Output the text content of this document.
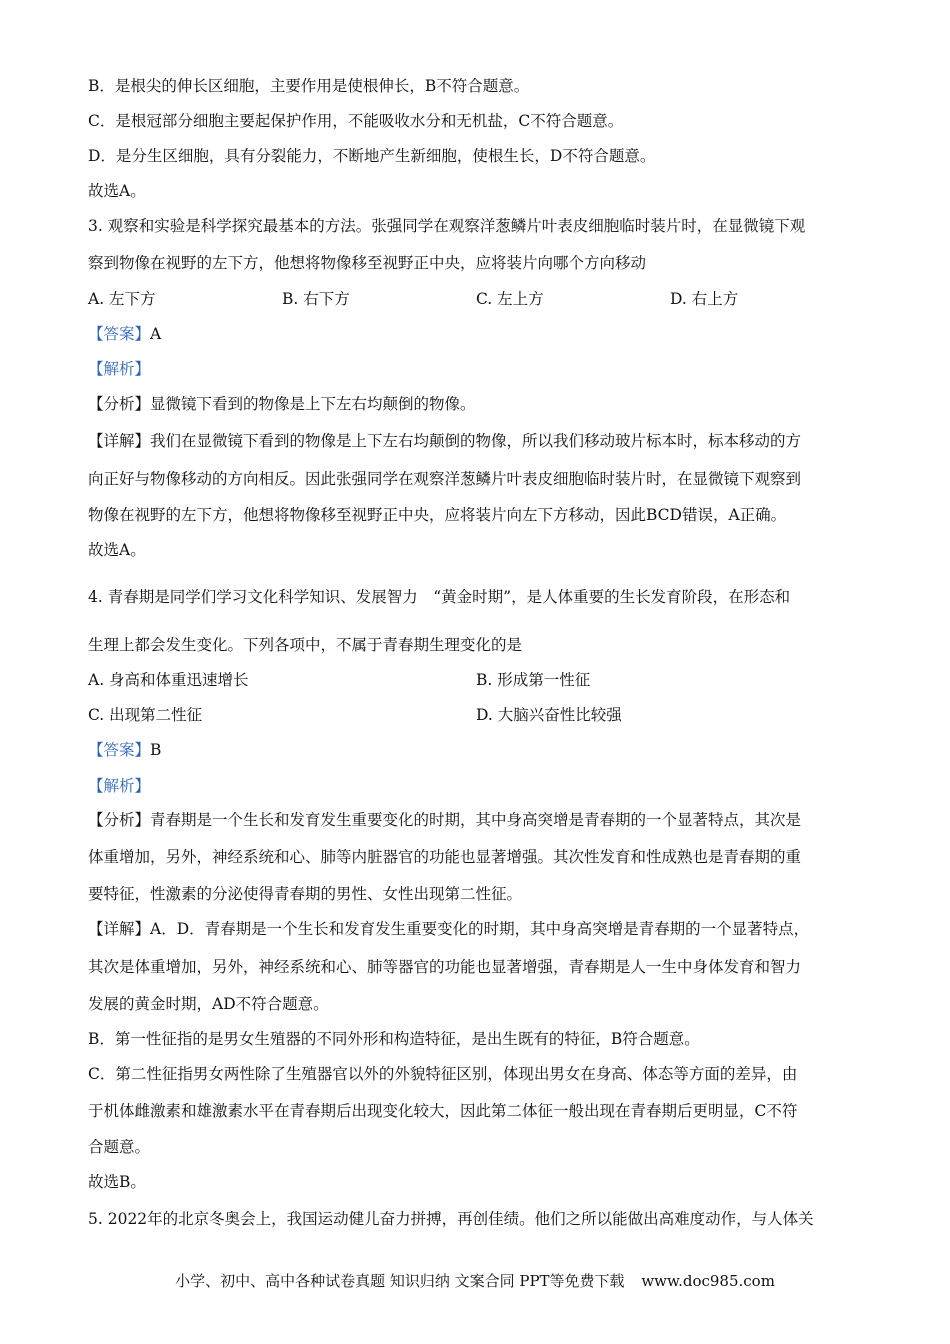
B．是根尖的伸长区细胞，主要作用是使根伸长，B不符合题意。
C．是根冠部分细胞主要起保护作用，不能吸收水分和无机盐，C不符合题意。
D．是分生区细胞，具有分裂能力，不断地产生新细胞，使根生长，D不符合题意。
故选A。
3. 观察和实验是科学探究最基本的方法。张强同学在观察洋葱鳞片叶表皮细胞临时装片时，在显微镜下观
察到物像在视野的左下方，他想将物像移至视野正中央，应将装片向哪个方向移动
A. 左下方	B. 右下方	C. 左上方	D. 右上方
【答案】A
【解析】
【分析】显微镜下看到的物像是上下左右均颠倒的物像。
【详解】我们在显微镜下看到的物像是上下左右均颠倒的物像，所以我们移动玻片标本时，标本移动的方
向正好与物像移动的方向相反。因此张强同学在观察洋葱鳞片叶表皮细胞临时装片时，在显微镜下观察到
物像在视野的左下方，他想将物像移至视野正中央，应将装片向左下方移动，因此BCD错误，A正确。
故选A。
4. 青春期是同学们学习文化科学知识、发展智力　“黄金时期”，是人体重要的生长发育阶段，在形态和
生理上都会发生变化。下列各项中，不属于青春期生理变化的是
A. 身高和体重迅速增长	B. 形成第一性征
C. 出现第二性征	D. 大脑兴奋性比较强
【答案】B
【解析】
【分析】青春期是一个生长和发育发生重要变化的时期，其中身高突增是青春期的一个显著特点，其次是
体重增加，另外，神经系统和心、肺等内脏器官的功能也显著增强。其次性发育和性成熟也是青春期的重
要特征，性激素的分泌使得青春期的男性、女性出现第二性征。
【详解】A．D．青春期是一个生长和发育发生重要变化的时期，其中身高突增是青春期的一个显著特点，
其次是体重增加，另外，神经系统和心、肺等器官的功能也显著增强，青春期是人一生中身体发育和智力
发展的黄金时期，AD不符合题意。
B．第一性征指的是男女生殖器的不同外形和构造特征，是出生既有的特征，B符合题意。
C．第二性征指男女两性除了生殖器官以外的外貌特征区别，体现出男女在身高、体态等方面的差异，由
于机体雌激素和雄激素水平在青春期后出现变化较大，因此第二体征一般出现在青春期后更明显，C不符
合题意。
故选B。
5. 2022年的北京冬奥会上，我国运动健儿奋力拼搏，再创佳绩。他们之所以能做出高难度动作，与人体关
小学、初中、高中各种试卷真题 知识归纳 文案合同 PPT等免费下载 www.doc985.com
